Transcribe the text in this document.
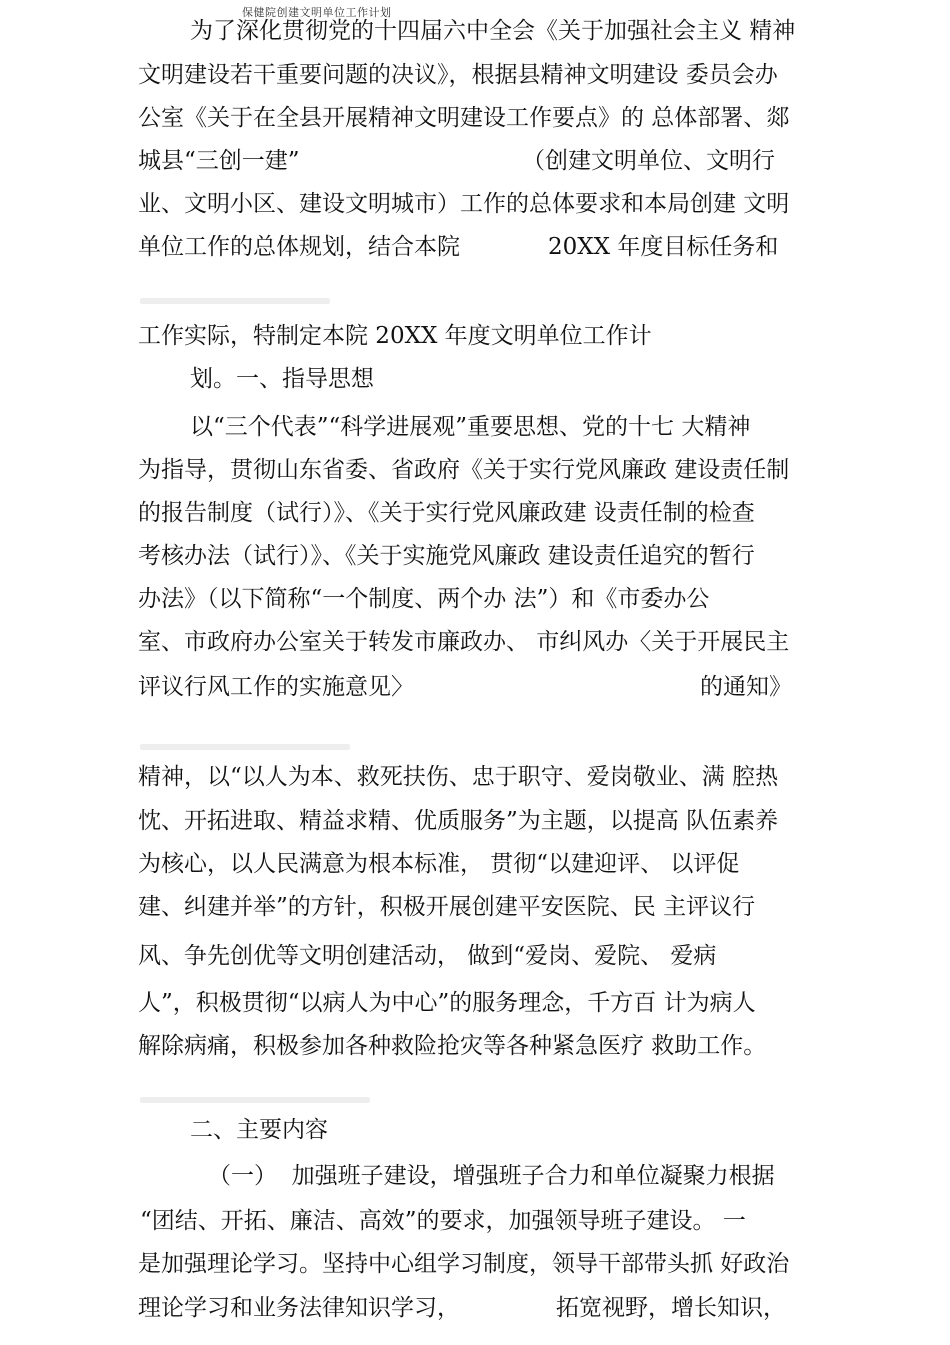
保健院创建文明单位工作计划
为了深化贯彻党的十四届六中全会《关于加强社会主义 精神
文明建设若干重要问题的决议》，根据县精神文明建设 委员会办
公室《关于在全县开展精神文明建设工作要点》的 总体部署、郯
城县“三创一建”	（创建文明单位、文明行
业、文明小区、建设文明城市）工作的总体要求和本局创建 文明
单位工作的总体规划，结合本院	20XX 年度目标任务和
工作实际，特制定本院 20XX 年度文明单位工作计
划。一、指导思想
以“三个代表”“科学进展观”重要思想、党的十七 大精神
为指导，贯彻山东省委、省政府《关于实行党风廉政 建设责任制
的报告制度（试行）》、《关于实行党风廉政建 设责任制的检查
考核办法（试行）》、《关于实施党风廉政 建设责任追究的暂行
办法》（以下简称“一个制度、两个办 法”）和《市委办公
室、市政府办公室关于转发市廉政办、 市纠风办〈关于开展民主
评议行风工作的实施意见〉	的通知》
精神，以“以人为本、救死扶伤、忠于职守、爱岗敬业、满 腔热
忱、开拓进取、精益求精、优质服务”为主题，以提高 队伍素养
为核心，以人民满意为根本标准， 贯彻“以建迎评、 以评促
建、纠建并举”的方针，积极开展创建平安医院、民 主评议行
风、争先创优等文明创建活动， 做到“爱岗、爱院、 爱病
人”，积极贯彻“以病人为中心”的服务理念，千方百 计为病人
解除病痛，积极参加各种救险抢灾等各种紧急医疗 救助工作。
二、主要内容
（一）  加强班子建设，增强班子合力和单位凝聚力根据
“团结、开拓、廉洁、高效”的要求，加强领导班子建设。 一
是加强理论学习。坚持中心组学习制度，领导干部带头抓 好政治
理论学习和业务法律知识学习，	拓宽视野，增长知识，
